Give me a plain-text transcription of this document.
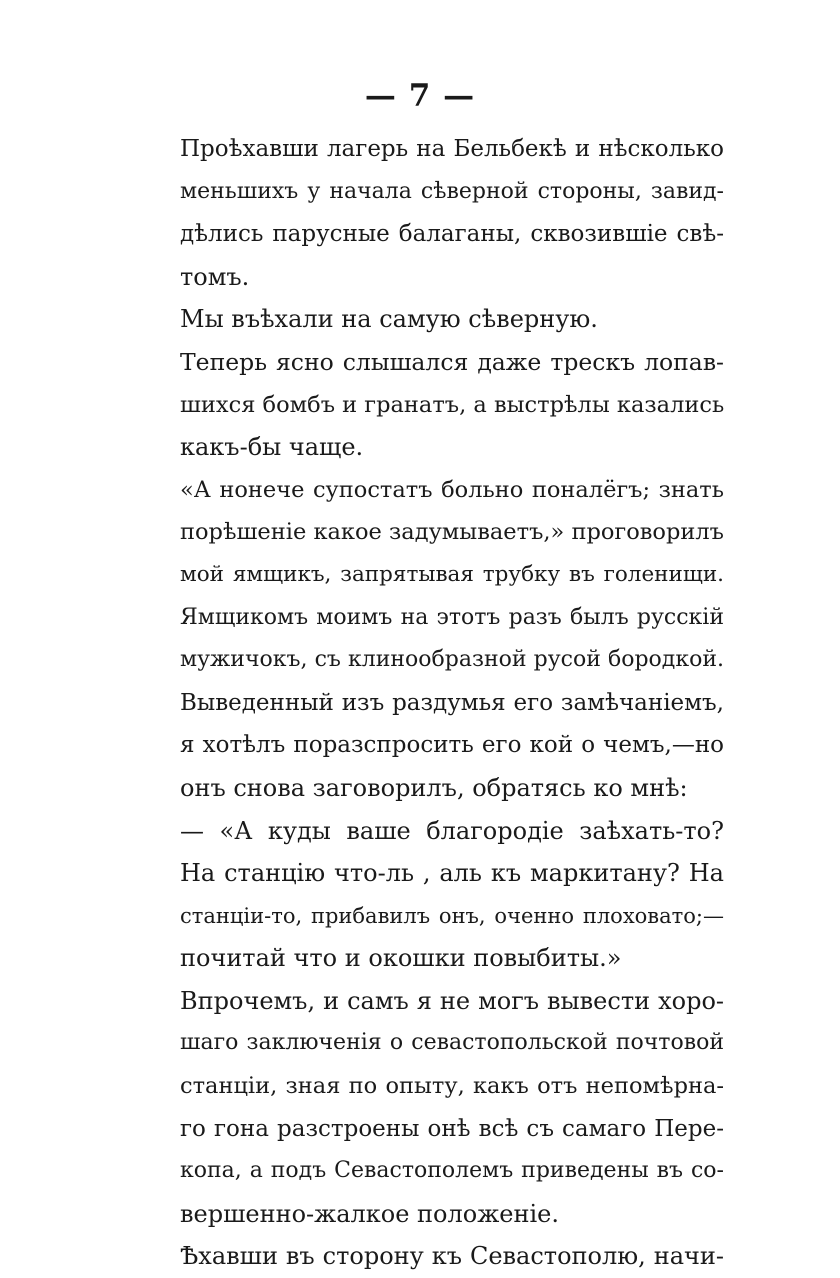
— 7 —
Проѣхавши лагерь на Бельбекѣ и нѣсколько
меньшихъ у начала сѣверной стороны, завид-
дѣлись парусные балаганы, сквозившіе свѣ-
томъ.
Мы въѣхали на самую сѣверную.
Теперь ясно слышался даже трескъ лопав-
шихся бомбъ и гранатъ, а выстрѣлы казались
какъ-бы чаще.
«А нонече супостатъ больно поналёгъ; знать
порѣшеніе какое задумываетъ,» проговорилъ
мой ямщикъ, запрятывая трубку въ голенищи.
Ямщикомъ моимъ на этотъ разъ былъ русскій
мужичокъ, съ клинообразной русой бородкой.
Выведенный изъ раздумья его замѣчаніемъ,
я хотѣлъ поразспросить его кой о чемъ,—но
онъ снова заговорилъ, обратясь ко мнѣ:
— «А куды ваше благородіе заѣхать-то?
На станцію что-ль , аль къ маркитану? На
станціи-то, прибавилъ онъ, оченно плоховато;—
почитай что и окошки повыбиты.»
Впрочемъ, и самъ я не могъ вывести хоро-
шаго заключенія о севастопольской почтовой
станціи, зная по опыту, какъ отъ непомѣрна-
го гона разстроены онѣ всѣ съ самаго Пере-
копа, а подъ Севастополемъ приведены въ со-
вершенно-жалкое положеніе.
Ѣхавши въ сторону къ Севастополю, начи-
